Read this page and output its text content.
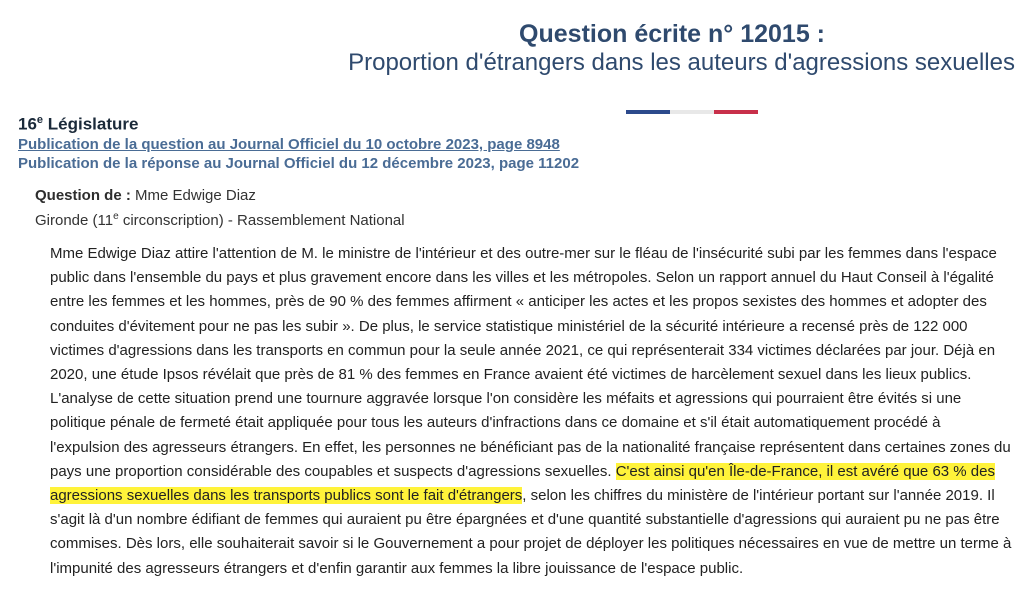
Question écrite n° 12015 :
Proportion d'étrangers dans les auteurs d'agressions sexuelles
16e Législature
Publication de la question au Journal Officiel du 10 octobre 2023, page 8948
Publication de la réponse au Journal Officiel du 12 décembre 2023, page 11202
Question de : Mme Edwige Diaz
Gironde (11e circonscription) - Rassemblement National

Mme Edwige Diaz attire l'attention de M. le ministre de l'intérieur et des outre-mer sur le fléau de l'insécurité subi par les femmes dans l'espace public dans l'ensemble du pays et plus gravement encore dans les villes et les métropoles. Selon un rapport annuel du Haut Conseil à l'égalité entre les femmes et les hommes, près de 90 % des femmes affirment « anticiper les actes et les propos sexistes des hommes et adopter des conduites d'évitement pour ne pas les subir ». De plus, le service statistique ministériel de la sécurité intérieure a recensé près de 122 000 victimes d'agressions dans les transports en commun pour la seule année 2021, ce qui représenterait 334 victimes déclarées par jour. Déjà en 2020, une étude Ipsos révélait que près de 81 % des femmes en France avaient été victimes de harcèlement sexuel dans les lieux publics. L'analyse de cette situation prend une tournure aggravée lorsque l'on considère les méfaits et agressions qui pourraient être évités si une politique pénale de fermeté était appliquée pour tous les auteurs d'infractions dans ce domaine et s'il était automatiquement procédé à l'expulsion des agresseurs étrangers. En effet, les personnes ne bénéficiant pas de la nationalité française représentent dans certaines zones du pays une proportion considérable des coupables et suspects d'agressions sexuelles. C'est ainsi qu'en Île-de-France, il est avéré que 63 % des agressions sexuelles dans les transports publics sont le fait d'étrangers, selon les chiffres du ministère de l'intérieur portant sur l'année 2019. Il s'agit là d'un nombre édifiant de femmes qui auraient pu être épargnées et d'une quantité substantielle d'agressions qui auraient pu ne pas être commises. Dès lors, elle souhaiterait savoir si le Gouvernement a pour projet de déployer les politiques nécessaires en vue de mettre un terme à l'impunité des agresseurs étrangers et d'enfin garantir aux femmes la libre jouissance de l'espace public.
